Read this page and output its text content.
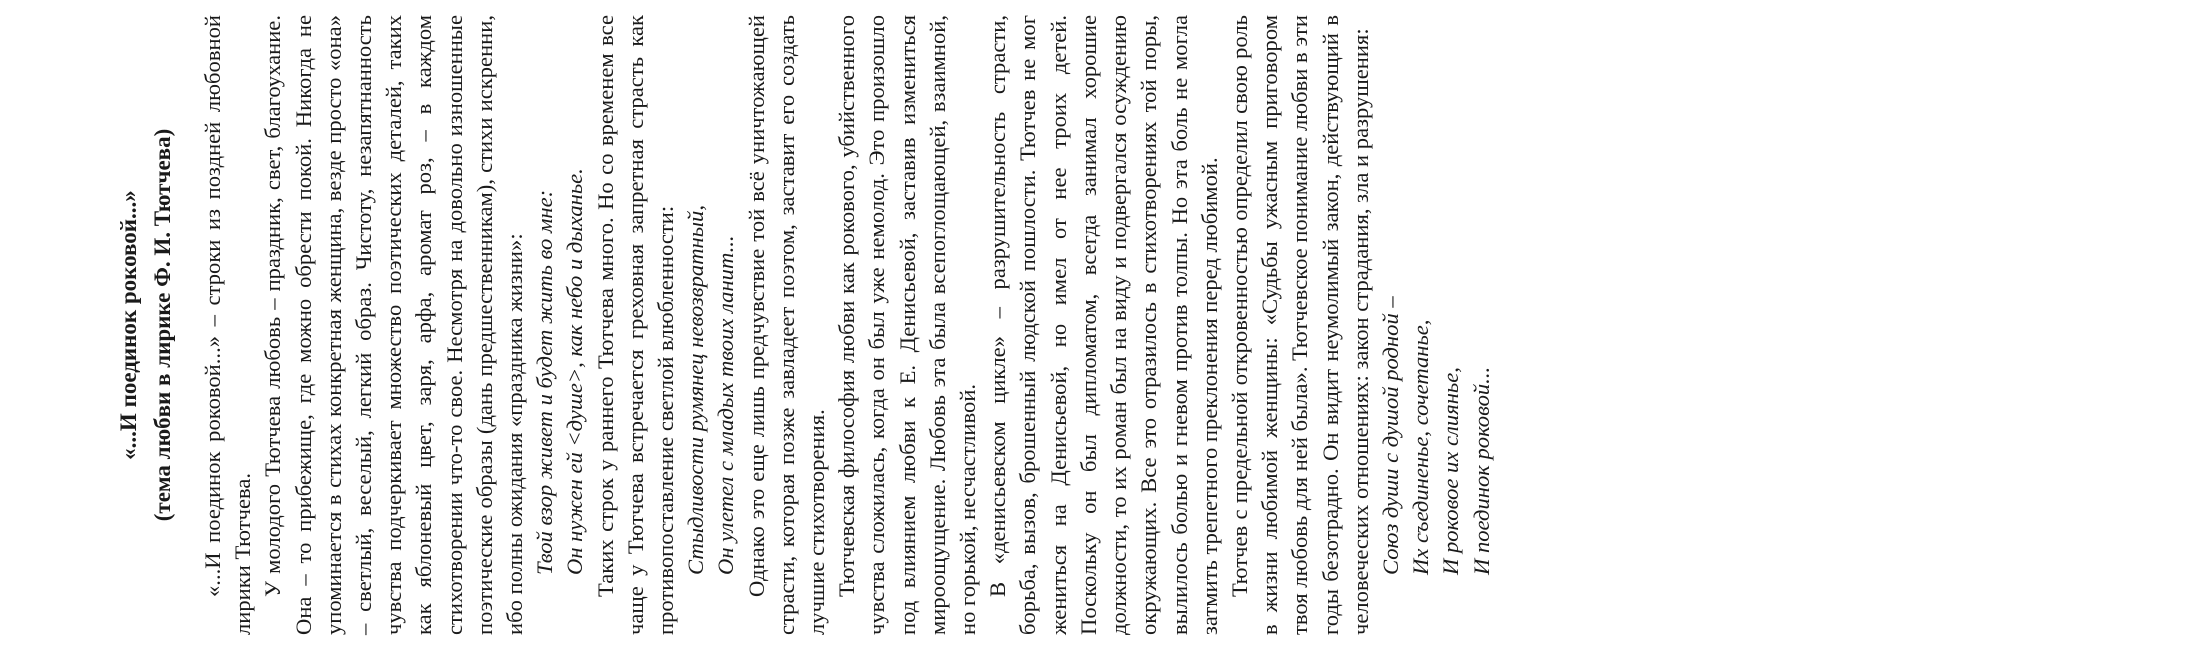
«...И поединок роковой...» (тема любви в лирике Ф. И. Тютчева) «...И поединок роковой...» – строки из поздней любовной лирики Тютчева. У молодого Тютчева любовь – праздник, свет, благоухание. Она – то прибежище, где можно обрести покой. Никогда не упоминается в стихах конкретная женщина, везде просто «она» – светлый, веселый, легкий образ. Чистоту, незапятнанность чувства подчеркивает множество поэтических деталей, таких как яблоневый цвет, заря, арфа, аромат роз, – в каждом стихотворении что-то свое. Несмотря на довольно изношенные поэтические образы (дань предшественникам), стихи искренни, ибо полны ожидания «праздника жизни»: Твой взор живет и будет жить во мне: Он нужен ей <душе>, как небо и дыханье. Таких строк у раннего Тютчева много. Но со временем все чаще у Тютчева встречается греховная запретная страсть как противопоставление светлой влюбленности: Стыдливости румянец невозвратный, Он улетел с младых твоих ланит... Однако это еще лишь предчувствие той всё уничтожающей страсти, которая позже завладеет поэтом, заставит его создать лучшие стихотворения. Тютчевская философия любви как рокового, убийственного чувства сложилась, когда он был уже немолод. Это произошло под влиянием любви к Е. Денисьевой, заставив измениться мироощущение. Любовь эта была всепоглощающей, взаимной, но горькой, несчастливой. В «денисьевском цикле» – разрушительность страсти, борьба, вызов, брошенный людской пошлости. Тютчев не мог жениться на Денисьевой, но имел от нее троих детей. Поскольку он был дипломатом, всегда занимал хорошие должности, то их роман был на виду и подвергался осуждению окружающих. Все это отразилось в стихотворениях той поры, вылилось болью и гневом против толпы. Но эта боль не могла затмить трепетного преклонения перед любимой. Тютчев с предельной откровенностью определил свою роль в жизни любимой женщины: «Судьбы ужасным приговором твоя любовь для ней была». Тютчевское понимание любви в эти годы безотрадно. Он видит неумолимый закон, действующий в человеческих отношениях: закон страдания, зла и разрушения: Союз души с душой родной – Их съединенье, сочетанье, И роковое их слиянье, И поединок роковой...
